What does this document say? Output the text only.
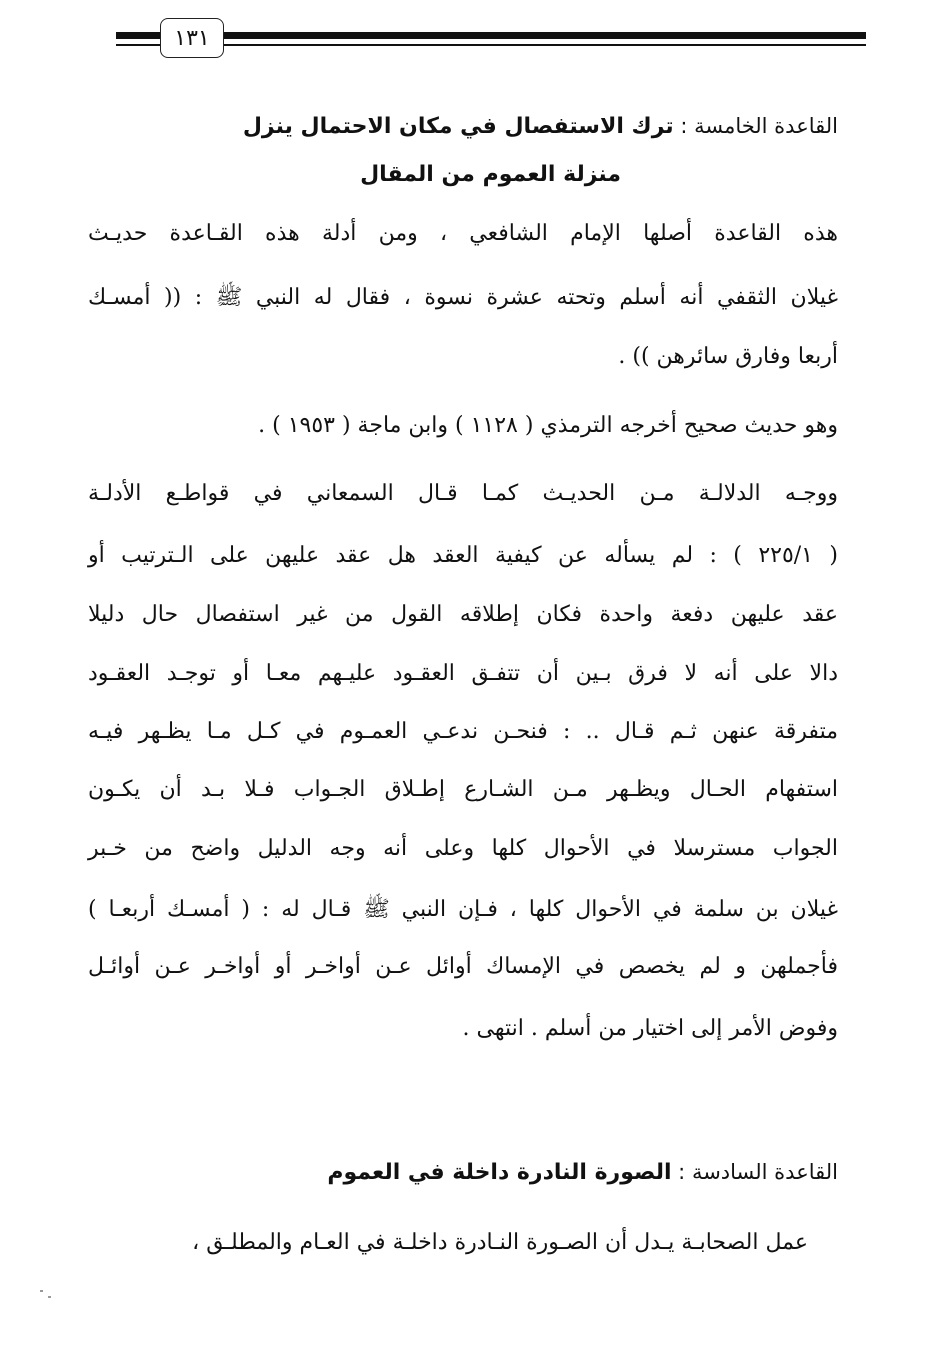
١٣١
القاعدة الخامسة : ترك الاستفصال في مكان الاحتمال ينزل
منزلة العموم من المقال
هذه القاعدة أصلها الإمام الشافعي ، ومن أدلة هذه القـاعدة حديـث
غيلان الثقفي أنه أسلم وتحته عشرة نسوة ، فقال له النبي ﷺ : (( أمسـك
أربعا وفارق سائرهن )) .
وهو حديث صحيح أخرجه الترمذي ( ١١٢٨ ) وابن ماجة ( ١٩٥٣ ) .
ووجـه الدلالـة مـن الحديـث كمـا قـال السمعاني في قواطـع الأدلـة
( ٢٢٥/١ ) : لم يسأله عن كيفية العقد هل عقد عليهن على الـترتيب أو
عقد عليهن دفعة واحدة فكان إطلاقه القول من غير استفصال حال دليلا
دالا على أنه لا فرق بـين أن تتفـق العقـود عليـهم معـا أو توجـد العقـود
متفرقة عنهن ثـم قـال .. : فنحـن ندعـي العمـوم في كـل مـا يظـهر فيـه
استفهام الحـال ويظـهر مـن الشـارع إطـلاق الجـواب فـلا بـد أن يكـون
الجواب مسترسلا في الأحوال كلها وعلى أنه وجه الدليل واضح من خـبر
غيلان بن سلمة في الأحوال كلها ، فـإن النبي ﷺ قـال له : ( أمسـك أربعـا )
فأجملهن و لم يخصص في الإمساك أوائل عـن أواخـر أو أواخـر عـن أوائـل
وفوض الأمر إلى اختيار من أسلم . انتهى .
القاعدة السادسة : الصورة النادرة داخلة في العموم
عمل الصحابـة يـدل أن الصـورة النـادرة داخلـة في العـام والمطلـق ،
